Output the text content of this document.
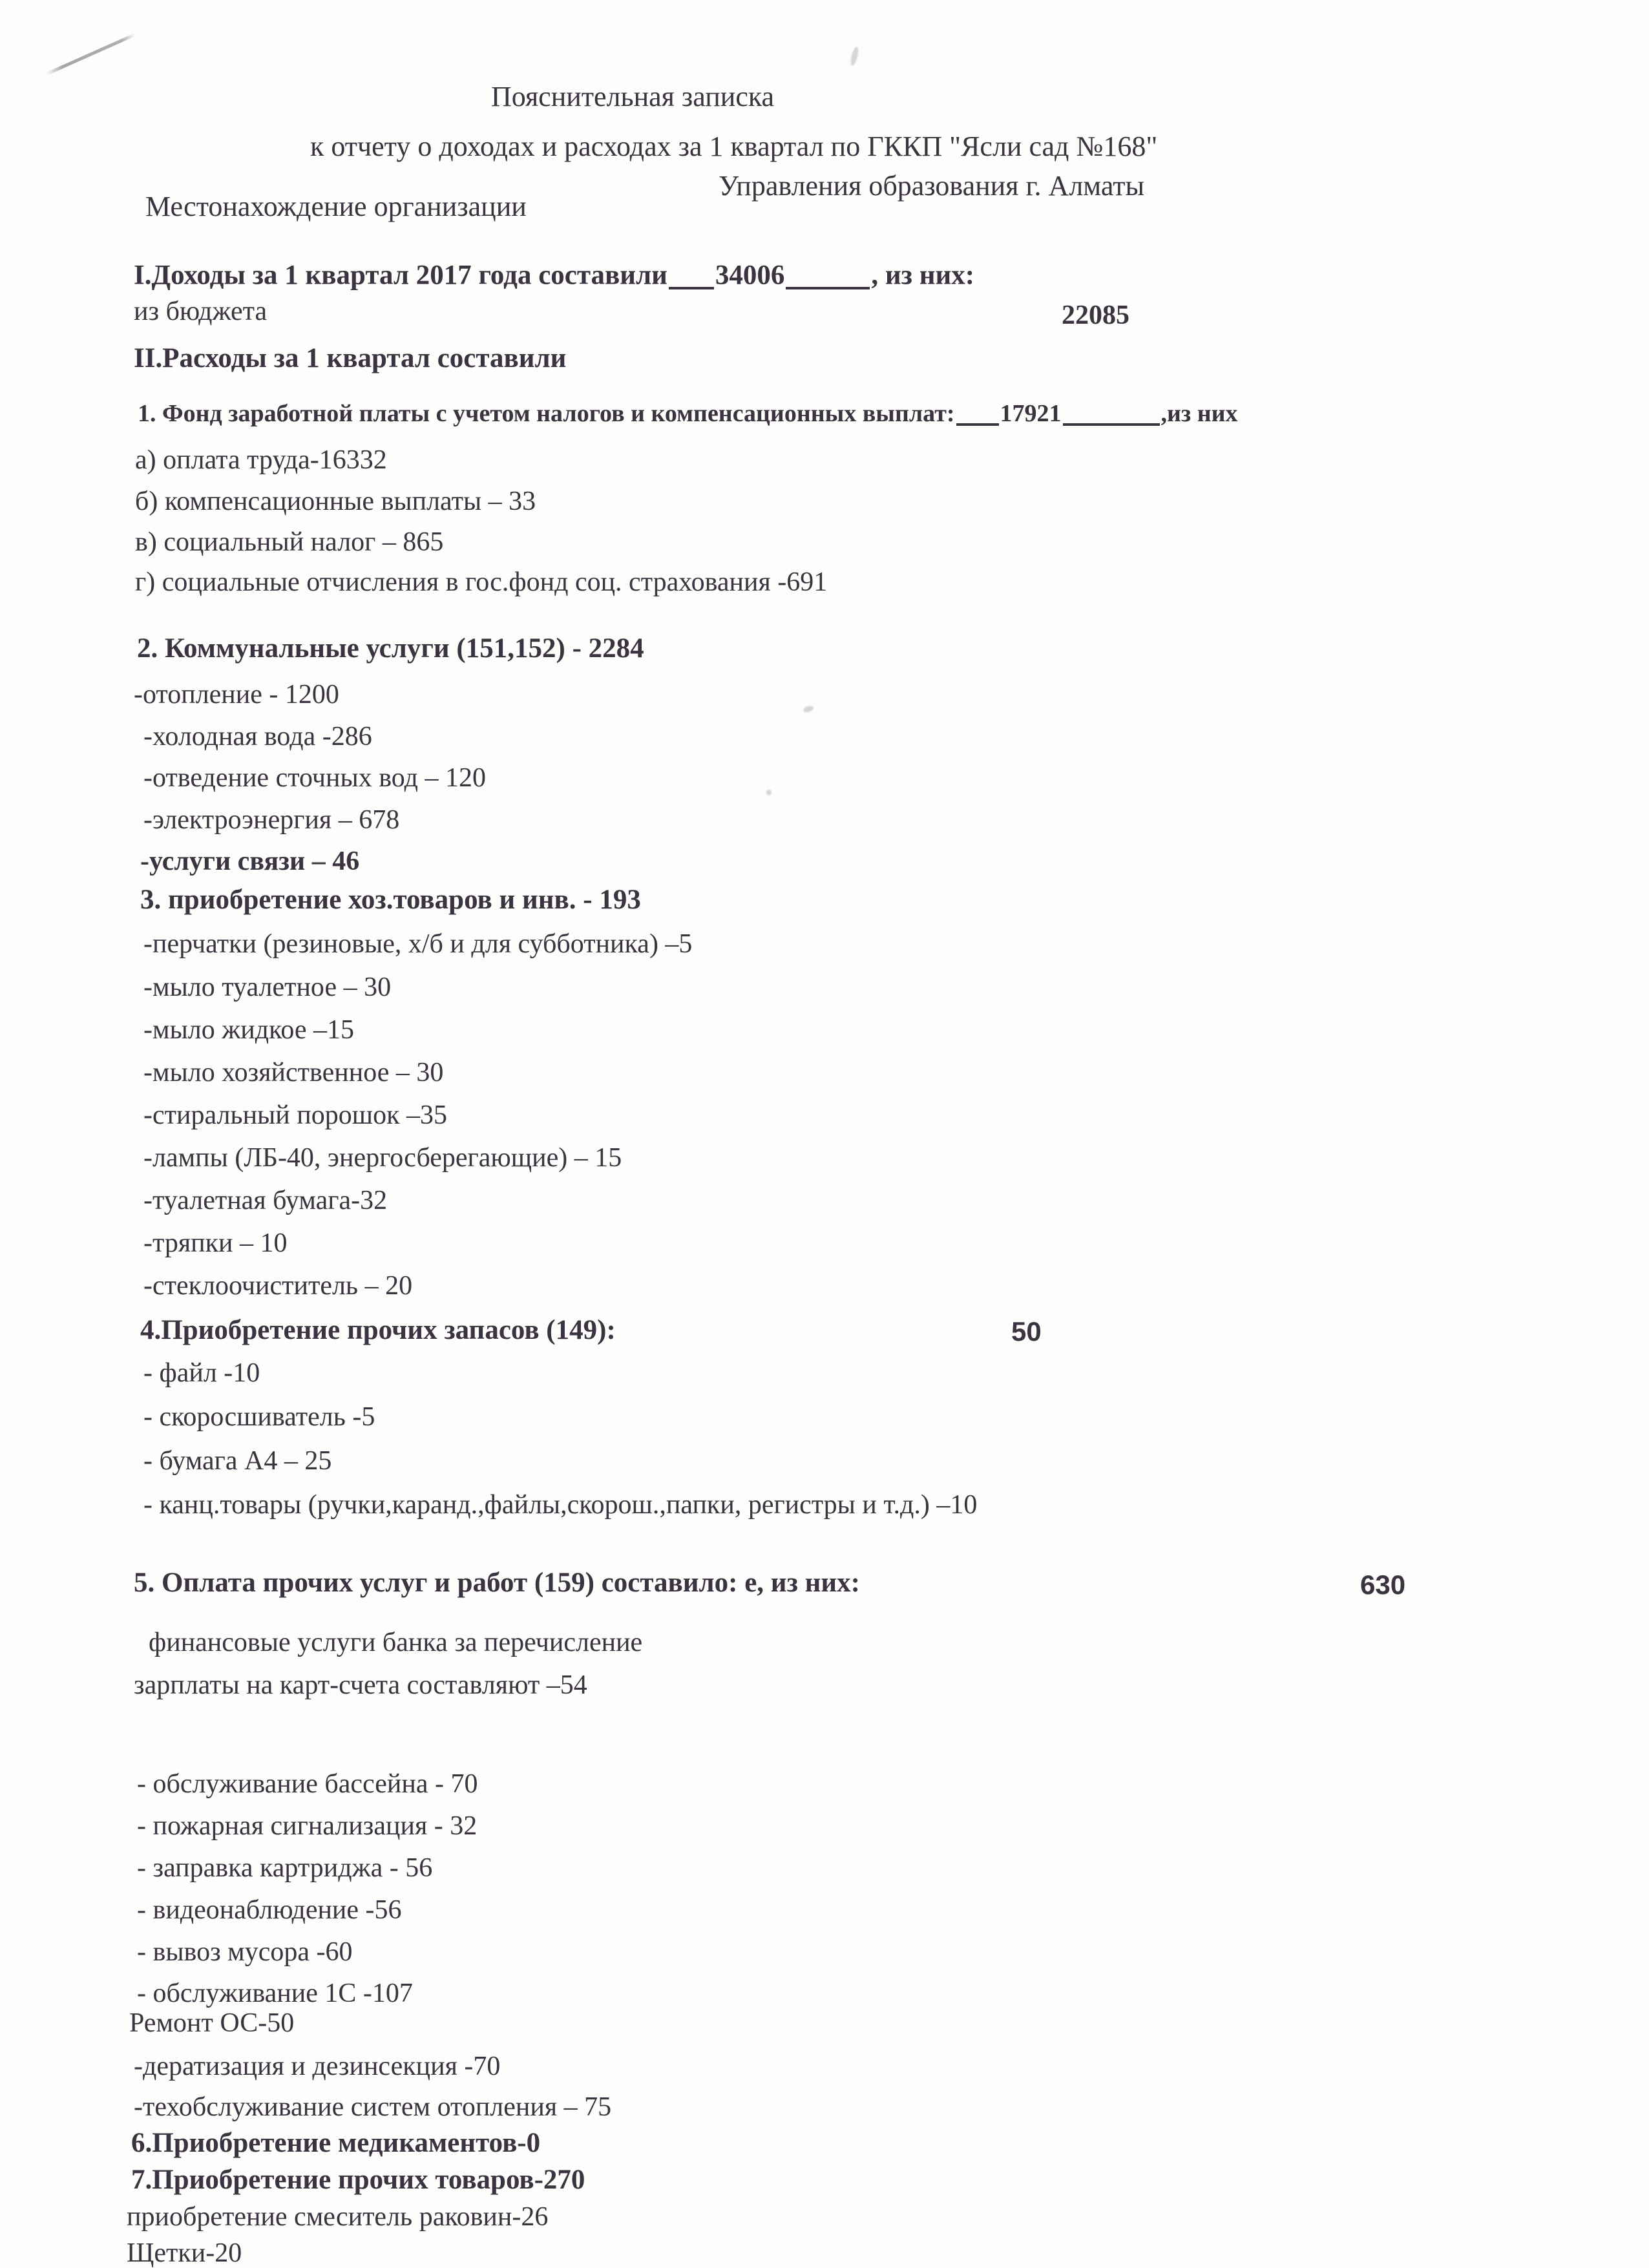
Пояснительная записка
к отчету о доходах и расходах за 1 квартал по ГККП "Ясли сад №168"
Управления образования г. Алматы
Местонахождение организации
I.Доходы за 1 квартал 2017 года составили 34006	, из них:
из бюджета	22085
II.Расходы за 1 квартал составили
1. Фонд заработной платы с учетом налогов и компенсационных выплат: 17921	,из них
а) оплата труда-16332
б) компенсационные выплаты – 33
в) социальный налог – 865
г) социальные отчисления в гос.фонд соц. страхования -691
2. Коммунальные услуги (151,152) - 2284
-отопление - 1200
-холодная вода -286
-отведение сточных вод – 120
-электроэнергия – 678
-услуги связи – 46
3. приобретение хоз.товаров и инв. - 193
-перчатки (резиновые, х/б и для субботника) –5
-мыло туалетное – 30
-мыло жидкое –15
-мыло хозяйственное – 30
-стиральный порошок –35
-лампы (ЛБ-40, энергосберегающие) – 15
-туалетная бумага-32
-тряпки – 10
-стеклоочиститель – 20
4.Приобретение прочих запасов (149):	50
- файл -10
- скоросшиватель -5
- бумага А4 – 25
- канц.товары (ручки,каранд.,файлы,скорош.,папки, регистры и т.д.) –10
5. Оплата прочих услуг и работ (159) составило: е, из них:	630
финансовые услуги банка за перечисление
зарплаты на карт-счета составляют –54
- обслуживание бассейна - 70
- пожарная сигнализация - 32
- заправка картриджа - 56
- видеонаблюдение -56
- вывоз мусора -60
- обслуживание 1С -107
Ремонт ОС-50
-дератизация и дезинсекция -70
-техобслуживание систем отопления – 75
6.Приобретение медикаментов-0
7.Приобретение прочих товаров-270
приобретение смеситель раковин-26
Щетки-20
